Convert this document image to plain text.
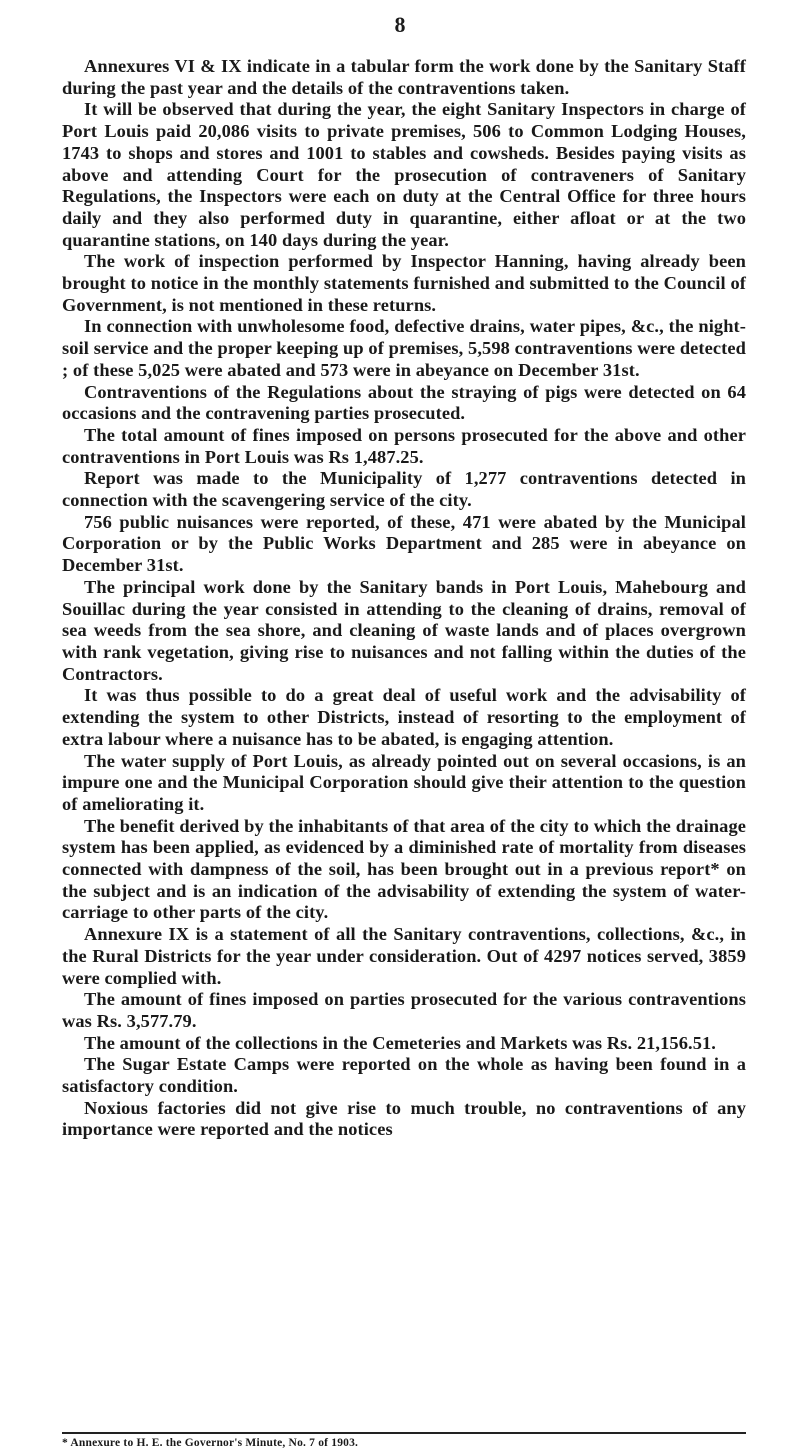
8

Annexures VI & IX indicate in a tabular form the work done by the Sanitary Staff during the past year and the details of the contraventions taken.

It will be observed that during the year, the eight Sanitary Inspectors in charge of Port Louis paid 20,086 visits to private premises, 506 to Common Lodging Houses, 1743 to shops and stores and 1001 to stables and cowsheds. Besides paying visits as above and attending Court for the prosecution of contraveners of Sanitary Regulations, the Inspectors were each on duty at the Central Office for three hours daily and they also performed duty in quarantine, either afloat or at the two quarantine stations, on 140 days during the year.

The work of inspection performed by Inspector Hanning, having already been brought to notice in the monthly statements furnished and submitted to the Council of Government, is not mentioned in these returns.

In connection with unwholesome food, defective drains, water pipes, &c., the night-soil service and the proper keeping up of premises, 5,598 contraventions were detected ; of these 5,025 were abated and 573 were in abeyance on December 31st.

Contraventions of the Regulations about the straying of pigs were detected on 64 occasions and the contravening parties prosecuted.

The total amount of fines imposed on persons prosecuted for the above and other contraventions in Port Louis was Rs 1,487.25.

Report was made to the Municipality of 1,277 contraventions detected in connection with the scavengering service of the city.

756 public nuisances were reported, of these, 471 were abated by the Municipal Corporation or by the Public Works Department and 285 were in abeyance on December 31st.

The principal work done by the Sanitary bands in Port Louis, Mahebourg and Souillac during the year consisted in attending to the cleaning of drains, removal of sea weeds from the sea shore, and cleaning of waste lands and of places overgrown with rank vegetation, giving rise to nuisances and not falling within the duties of the Contractors.

It was thus possible to do a great deal of useful work and the advisability of extending the system to other Districts, instead of resorting to the employment of extra labour where a nuisance has to be abated, is engaging attention.

The water supply of Port Louis, as already pointed out on several occasions, is an impure one and the Municipal Corporation should give their attention to the question of ameliorating it.

The benefit derived by the inhabitants of that area of the city to which the drainage system has been applied, as evidenced by a diminished rate of mortality from diseases connected with dampness of the soil, has been brought out in a previous report* on the subject and is an indication of the advisability of extending the system of water-carriage to other parts of the city.

Annexure IX is a statement of all the Sanitary contraventions, collections, &c., in the Rural Districts for the year under consideration. Out of 4297 notices served, 3859 were complied with.

The amount of fines imposed on parties prosecuted for the various contraventions was Rs. 3,577.79.

The amount of the collections in the Cemeteries and Markets was Rs. 21,156.51.

The Sugar Estate Camps were reported on the whole as having been found in a satisfactory condition.

Noxious factories did not give rise to much trouble, no contraventions of any importance were reported and the notices

* Annexure to H. E. the Governor's Minute, No. 7 of 1903.
